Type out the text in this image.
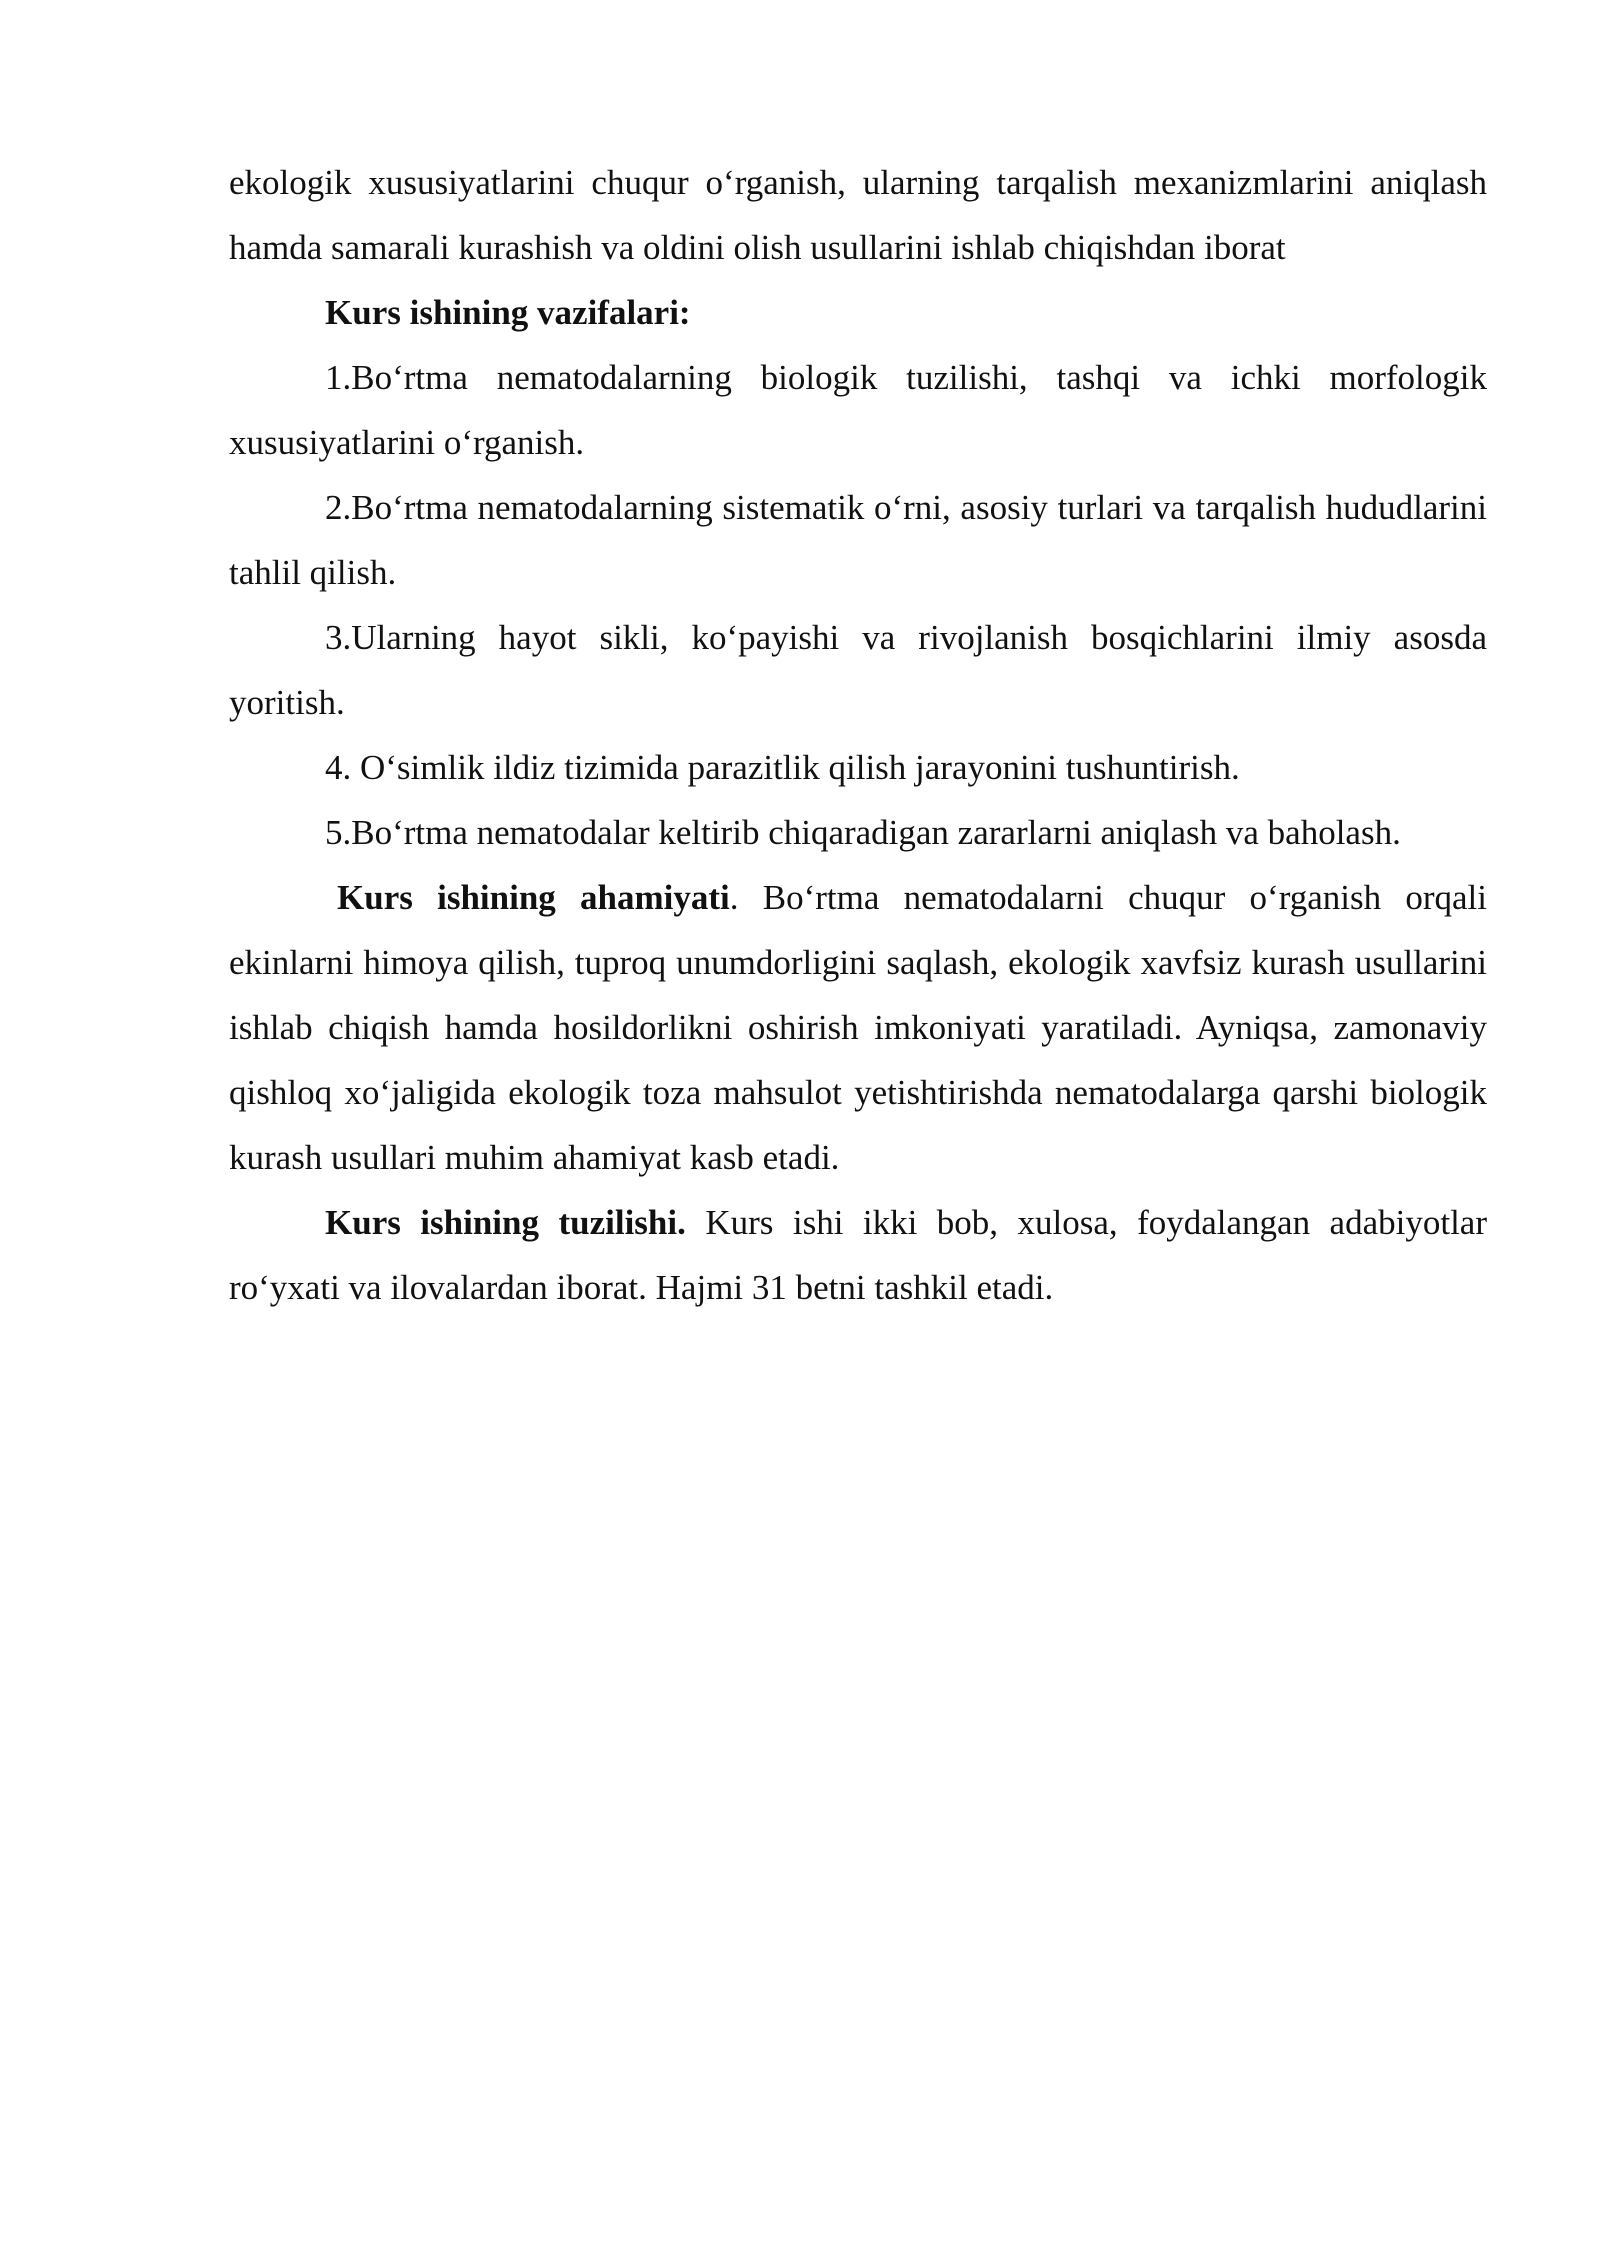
ekologik xususiyatlarini chuqur o‘rganish, ularning tarqalish mexanizmlarini aniqlash hamda samarali kurashish va oldini olish usullarini ishlab chiqishdan iborat

Kurs ishining vazifalari:

1.Bo‘rtma nematodalarning biologik tuzilishi, tashqi va ichki morfologik xususiyatlarini o‘rganish.

2.Bo‘rtma nematodalarning sistematik o‘rni, asosiy turlari va tarqalish hududlarini tahlil qilish.

3.Ularning hayot sikli, ko‘payishi va rivojlanish bosqichlarini ilmiy asosda yoritish.

4. O‘simlik ildiz tizimida parazitlik qilish jarayonini tushuntirish.

5.Bo‘rtma nematodalar keltirib chiqaradigan zararlarni aniqlash va baholash.

Kurs ishining ahamiyati. Bo‘rtma nematodalarni chuqur o‘rganish orqali ekinlarni himoya qilish, tuproq unumdorligini saqlash, ekologik xavfsiz kurash usullarini ishlab chiqish hamda hosildorlikni oshirish imkoniyati yaratiladi. Ayniqsa, zamonaviy qishloq xo‘jaligida ekologik toza mahsulot yetishtirishda nematodalarga qarshi biologik kurash usullari muhim ahamiyat kasb etadi.

Kurs ishining tuzilishi. Kurs ishi ikki bob, xulosa, foydalangan adabiyotlar ro‘yxati va ilovalardan iborat. Hajmi 31 betni tashkil etadi.
